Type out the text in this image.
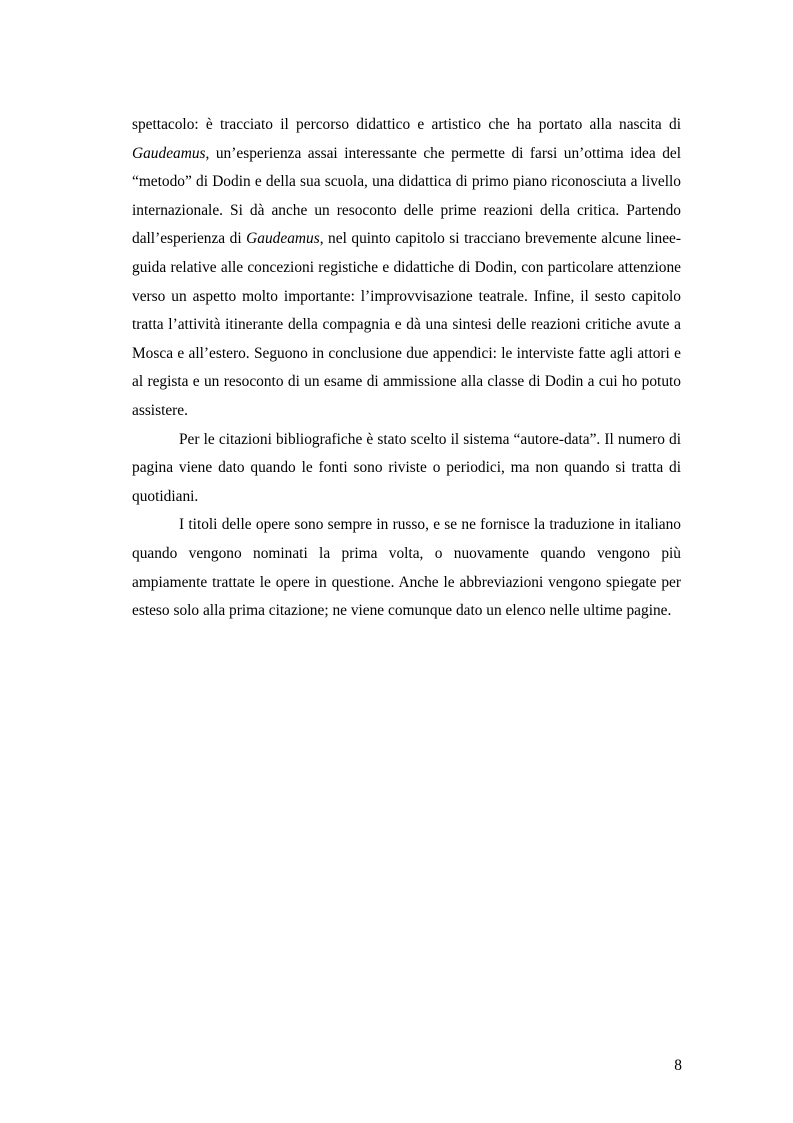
spettacolo: è tracciato il percorso didattico e artistico che ha portato alla nascita di Gaudeamus, un’esperienza assai interessante che permette di farsi un’ottima idea del “metodo” di Dodin e della sua scuola, una didattica di primo piano riconosciuta a livello internazionale. Si dà anche un resoconto delle prime reazioni della critica. Partendo dall’esperienza di Gaudeamus, nel quinto capitolo si tracciano brevemente alcune linee-guida relative alle concezioni registiche e didattiche di Dodin, con particolare attenzione verso un aspetto molto importante: l’improvvisazione teatrale. Infine, il sesto capitolo tratta l’attività itinerante della compagnia e dà una sintesi delle reazioni critiche avute a Mosca e all’estero. Seguono in conclusione due appendici: le interviste fatte agli attori e al regista e un resoconto di un esame di ammissione alla classe di Dodin a cui ho potuto assistere.

Per le citazioni bibliografiche è stato scelto il sistema “autore-data”. Il numero di pagina viene dato quando le fonti sono riviste o periodici, ma non quando si tratta di quotidiani.

I titoli delle opere sono sempre in russo, e se ne fornisce la traduzione in italiano quando vengono nominati la prima volta, o nuovamente quando vengono più ampiamente trattate le opere in questione. Anche le abbreviazioni vengono spiegate per esteso solo alla prima citazione; ne viene comunque dato un elenco nelle ultime pagine.

8
